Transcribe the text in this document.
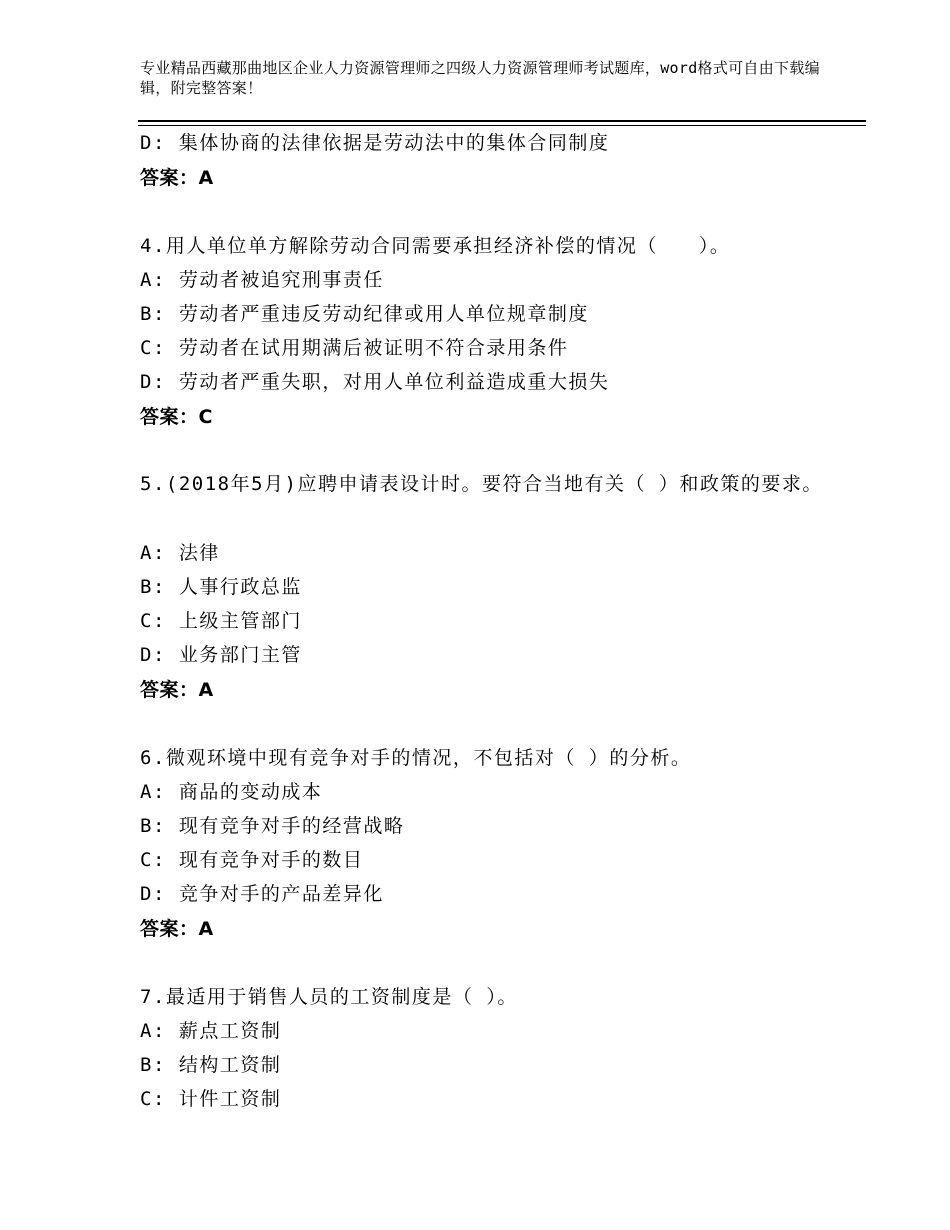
专业精品西藏那曲地区企业人力资源管理师之四级人力资源管理师考试题库，word格式可自由下载编辑，附完整答案！
D: 集体协商的法律依据是劳动法中的集体合同制度
答案：A
4.用人单位单方解除劳动合同需要承担经济补偿的情况（　　）。
A: 劳动者被追究刑事责任
B: 劳动者严重违反劳动纪律或用人单位规章制度
C: 劳动者在试用期满后被证明不符合录用条件
D: 劳动者严重失职，对用人单位利益造成重大损失
答案：C
5.(2018年5月)应聘申请表设计时。要符合当地有关（ ）和政策的要求。
A: 法律
B: 人事行政总监
C: 上级主管部门
D: 业务部门主管
答案：A
6.微观环境中现有竞争对手的情况，不包括对（ ）的分析。
A: 商品的变动成本
B: 现有竞争对手的经营战略
C: 现有竞争对手的数目
D: 竞争对手的产品差异化
答案：A
7.最适用于销售人员的工资制度是（ ）。
A: 薪点工资制
B: 结构工资制
C: 计件工资制
